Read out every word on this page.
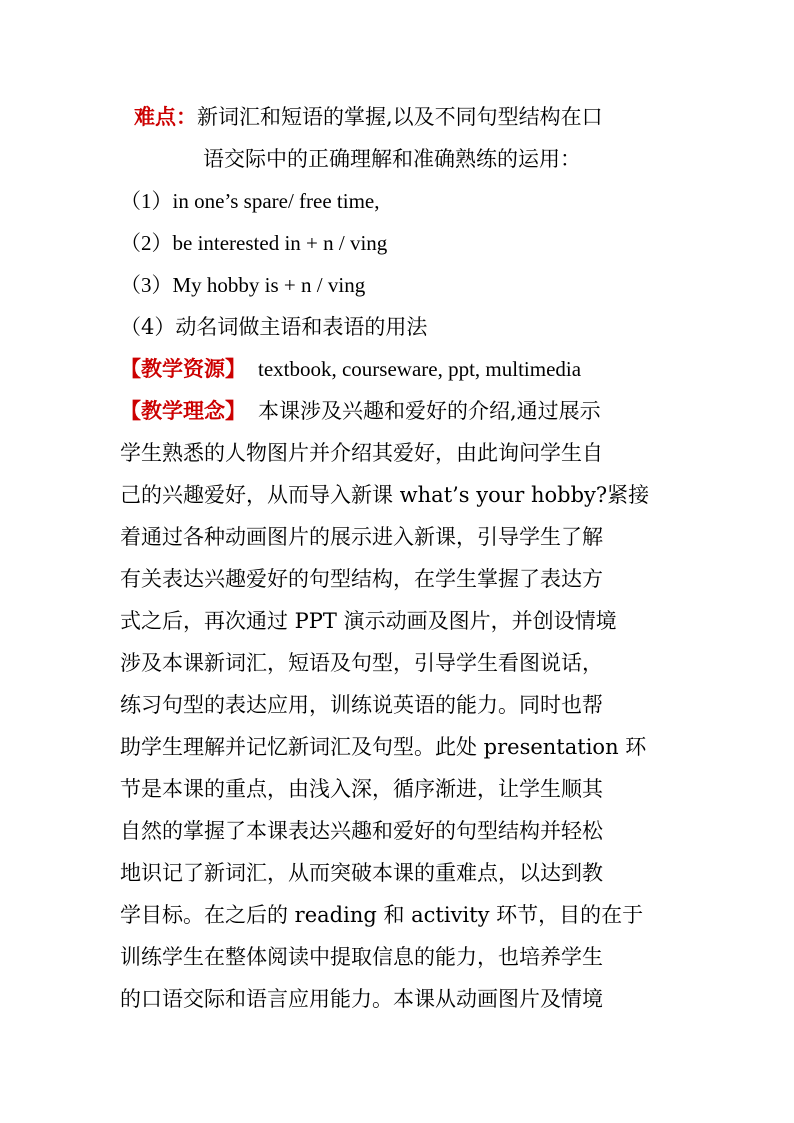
难点：新词汇和短语的掌握,以及不同句型结构在口
语交际中的正确理解和准确熟练的运用：
（1）in one’s spare/ free time,
（2）be interested in + n / ving
（3）My hobby is + n / ving
（4）动名词做主语和表语的用法
【教学资源】 textbook, courseware, ppt, multimedia
【教学理念】 本课涉及兴趣和爱好的介绍,通过展示
学生熟悉的人物图片并介绍其爱好，由此询问学生自
己的兴趣爱好，从而导入新课 what’s your hobby?紧接
着通过各种动画图片的展示进入新课，引导学生了解
有关表达兴趣爱好的句型结构，在学生掌握了表达方
式之后，再次通过 PPT 演示动画及图片，并创设情境
涉及本课新词汇，短语及句型，引导学生看图说话，
练习句型的表达应用，训练说英语的能力。同时也帮
助学生理解并记忆新词汇及句型。此处 presentation 环
节是本课的重点，由浅入深，循序渐进，让学生顺其
自然的掌握了本课表达兴趣和爱好的句型结构并轻松
地识记了新词汇，从而突破本课的重难点，以达到教
学目标。在之后的 reading 和 activity 环节，目的在于
训练学生在整体阅读中提取信息的能力，也培养学生
的口语交际和语言应用能力。本课从动画图片及情境
